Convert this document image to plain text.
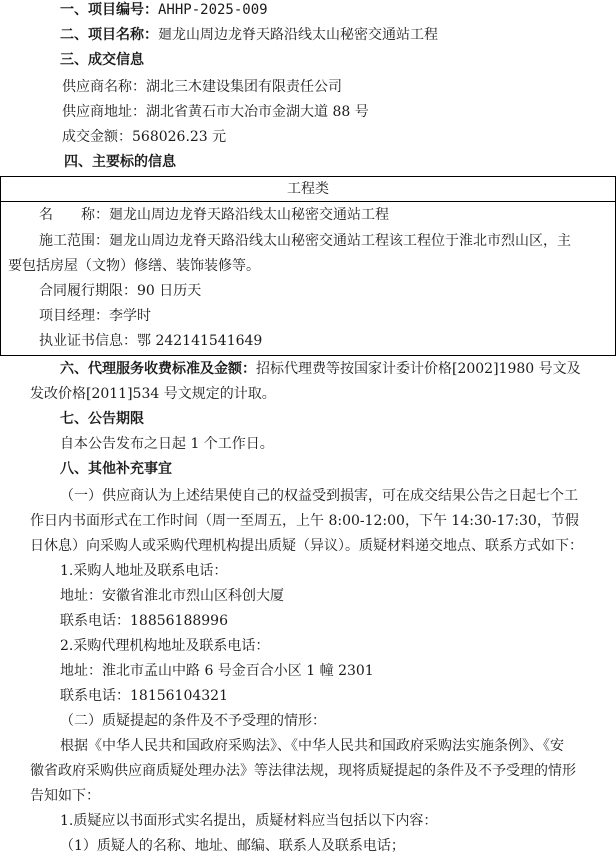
一、项目编号：AHHP-2025-009
二、项目名称：廻龙山周边龙脊天路沿线太山秘密交通站工程
三、成交信息
供应商名称：湖北三木建设集团有限责任公司
供应商地址：湖北省黄石市大冶市金湖大道 88 号
成交金额：568026.23 元
四、主要标的信息
工程类
名　　称：廻龙山周边龙脊天路沿线太山秘密交通站工程
施工范围：廻龙山周边龙脊天路沿线太山秘密交通站工程该工程位于淮北市烈山区，主
要包括房屋（文物）修缮、装饰装修等。
合同履行期限：90 日历天
项目经理：李学时
执业证书信息：鄂 242141541649
六、代理服务收费标准及金额：招标代理费等按国家计委计价格[2002]1980 号文及
发改价格[2011]534 号文规定的计取。
七、公告期限
自本公告发布之日起 1 个工作日。
八、其他补充事宜
（一）供应商认为上述结果使自己的权益受到损害，可在成交结果公告之日起七个工
作日内书面形式在工作时间（周一至周五，上午 8:00-12:00，下午 14:30-17:30，节假
日休息）向采购人或采购代理机构提出质疑（异议）。质疑材料递交地点、联系方式如下：
1.采购人地址及联系电话：
地址：安徽省淮北市烈山区科创大厦
联系电话：18856188996
2.采购代理机构地址及联系电话：
地址：淮北市孟山中路 6 号金百合小区 1 幢 2301
联系电话：18156104321
（二）质疑提起的条件及不予受理的情形：
根据《中华人民共和国政府采购法》、《中华人民共和国政府采购法实施条例》、《安
徽省政府采购供应商质疑处理办法》等法律法规，现将质疑提起的条件及不予受理的情形
告知如下：
1.质疑应以书面形式实名提出，质疑材料应当包括以下内容：
（1）质疑人的名称、地址、邮编、联系人及联系电话；
